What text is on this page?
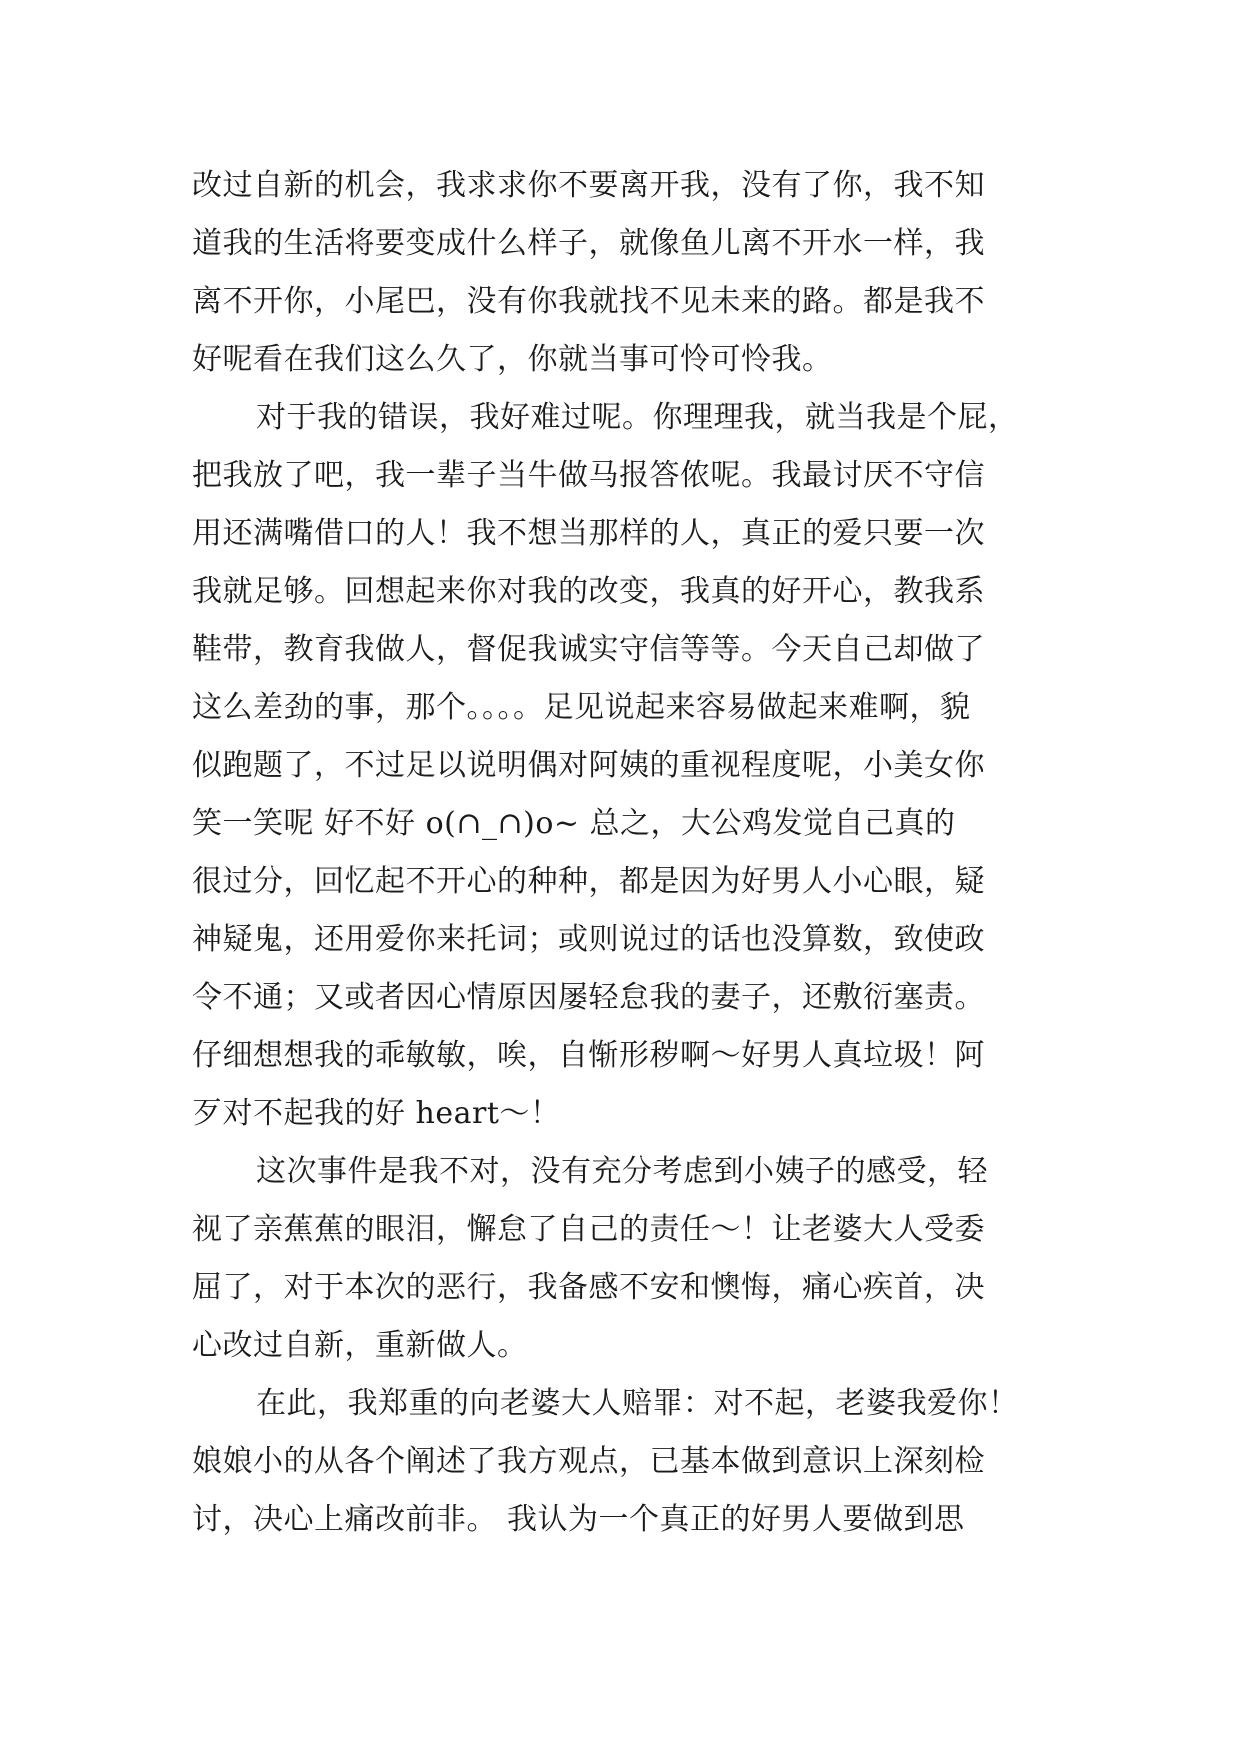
改过自新的机会，我求求你不要离开我，没有了你，我不知
道我的生活将要变成什么样子，就像鱼儿离不开水一样，我
离不开你，小尾巴，没有你我就找不见未来的路。都是我不
好呢看在我们这么久了，你就当事可怜可怜我。
对于我的错误，我好难过呢。你理理我，就当我是个屁，
把我放了吧，我一辈子当牛做马报答侬呢。我最讨厌不守信
用还满嘴借口的人！我不想当那样的人，真正的爱只要一次
我就足够。回想起来你对我的改变，我真的好开心，教我系
鞋带，教育我做人，督促我诚实守信等等。今天自己却做了
这么差劲的事，那个。。。。足见说起来容易做起来难啊，貌
似跑题了，不过足以说明偶对阿姨的重视程度呢，小美女你
笑一笑呢 好不好 o(∩_∩)o~ 总之，大公鸡发觉自己真的
很过分，回忆起不开心的种种，都是因为好男人小心眼，疑
神疑鬼，还用爱你来托词；或则说过的话也没算数，致使政
令不通；又或者因心情原因屡轻怠我的妻子，还敷衍塞责。
仔细想想我的乖敏敏，唉，自惭形秽啊～好男人真垃圾！阿
歹对不起我的好 heart～！
这次事件是我不对，没有充分考虑到小姨子的感受，轻
视了亲蕉蕉的眼泪，懈怠了自己的责任～！让老婆大人受委
屈了，对于本次的恶行，我备感不安和懊悔，痛心疾首，决
心改过自新，重新做人。
在此，我郑重的向老婆大人赔罪：对不起，老婆我爱你！
娘娘小的从各个阐述了我方观点，已基本做到意识上深刻检
讨，决心上痛改前非。 我认为一个真正的好男人要做到思
